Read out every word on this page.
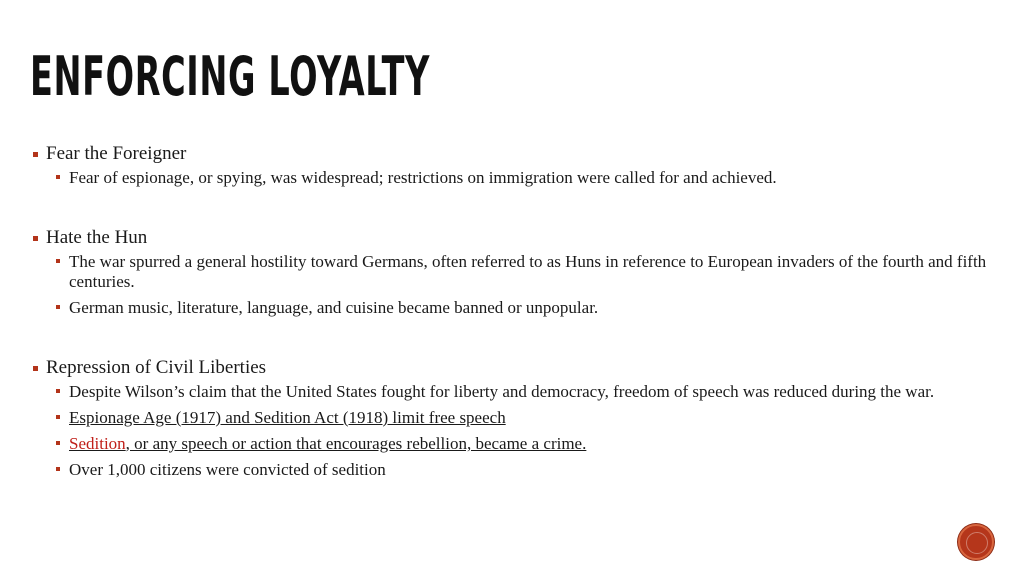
ENFORCING LOYALTY
Fear the Foreigner
Fear of espionage, or spying, was widespread; restrictions on immigration were called for and achieved.
Hate the Hun
The war spurred a general hostility toward Germans, often referred to as Huns in reference to European invaders of the fourth and fifth centuries.
German music, literature, language, and cuisine became banned or unpopular.
Repression of Civil Liberties
Despite Wilson’s claim that the United States fought for liberty and democracy, freedom of speech was reduced during the war.
Espionage Age (1917) and Sedition Act (1918) limit free speech
Sedition, or any speech or action that encourages rebellion, became a crime.
Over 1,000 citizens were convicted of sedition
